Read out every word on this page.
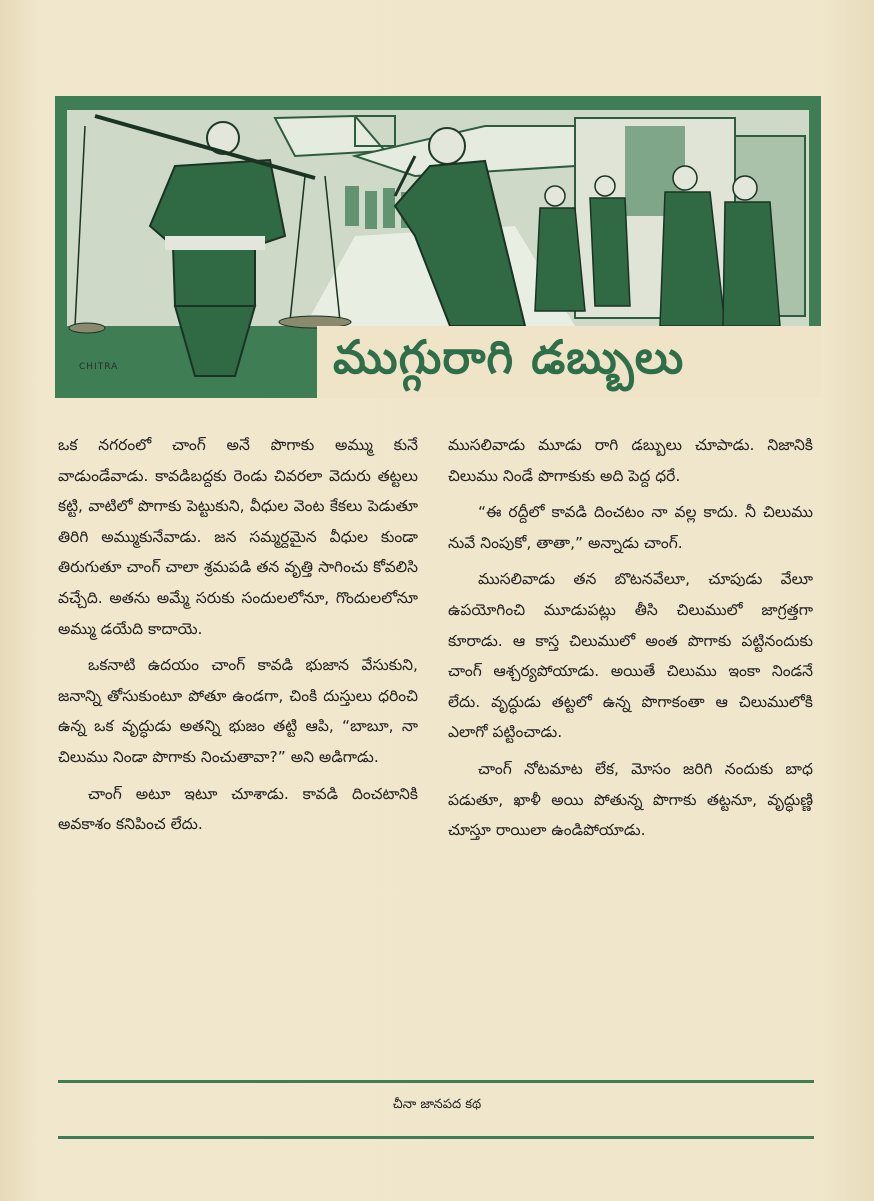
CHITRA	ముగ్గురాగి డబ్బులు

ఒక నగరంలో చాంగ్ అనే పొగాకు అమ్ము కునే వాడుండేవాడు. కావడిబద్దకు రెండు చివరలా వెదురు తట్టలు కట్టి, వాటిలో పొగాకు పెట్టుకుని, వీధుల వెంట కేకలు పెడుతూ తిరిగి అమ్ముకునేవాడు. జన సమ్మర్దమైన వీధుల కుండా తిరుగుతూ చాంగ్ చాలా శ్రమపడి తన వృత్తి సాగించు కోవలిసి వచ్చేది. అతను అమ్మే సరుకు సందులలోనూ, గొందులలోనూ అమ్ము డయేది కాదాయె.

ఒకనాటి ఉదయం చాంగ్ కావడి భుజాన వేసుకుని, జనాన్ని తోసుకుంటూ పోతూ ఉండగా, చింకి దుస్తులు ధరించి ఉన్న ఒక వృద్ధుడు అతన్ని భుజం తట్టి ఆపి, “బాబూ, నా చిలుము నిండా పొగాకు నించుతావా?” అని అడిగాడు.

చాంగ్ అటూ ఇటూ చూశాడు. కావడి దించటానికి అవకాశం కనిపించ లేదు.

ముసలివాడు మూడు రాగి డబ్బులు చూపాడు. నిజానికి చిలుము నిండే పొగాకుకు అది పెద్ద ధరే.

“ఈ రద్దీలో కావడి దించటం నా వల్ల కాదు. నీ చిలుము నువే నింపుకో, తాతా,” అన్నాడు చాంగ్.

ముసలివాడు తన బొటనవేలూ, చూపుడు వేలూ ఉపయోగించి మూడుపట్లు తీసి చిలుములో జాగ్రత్తగా కూరాడు. ఆ కాస్త చిలుములో అంత పొగాకు పట్టినందుకు చాంగ్ ఆశ్చర్యపోయాడు. అయితే చిలుము ఇంకా నిండనే లేదు. వృద్ధుడు తట్టలో ఉన్న పొగాకంతా ఆ చిలుములోకి ఎలాగో పట్టించాడు.

చాంగ్ నోటమాట లేక, మోసం జరిగి నందుకు బాధ పడుతూ, ఖాళీ అయి పోతున్న పొగాకు తట్టనూ, వృద్ధుణ్ణి చూస్తూ రాయిలా ఉండిపోయాడు.

చీనా జానపద కథ
